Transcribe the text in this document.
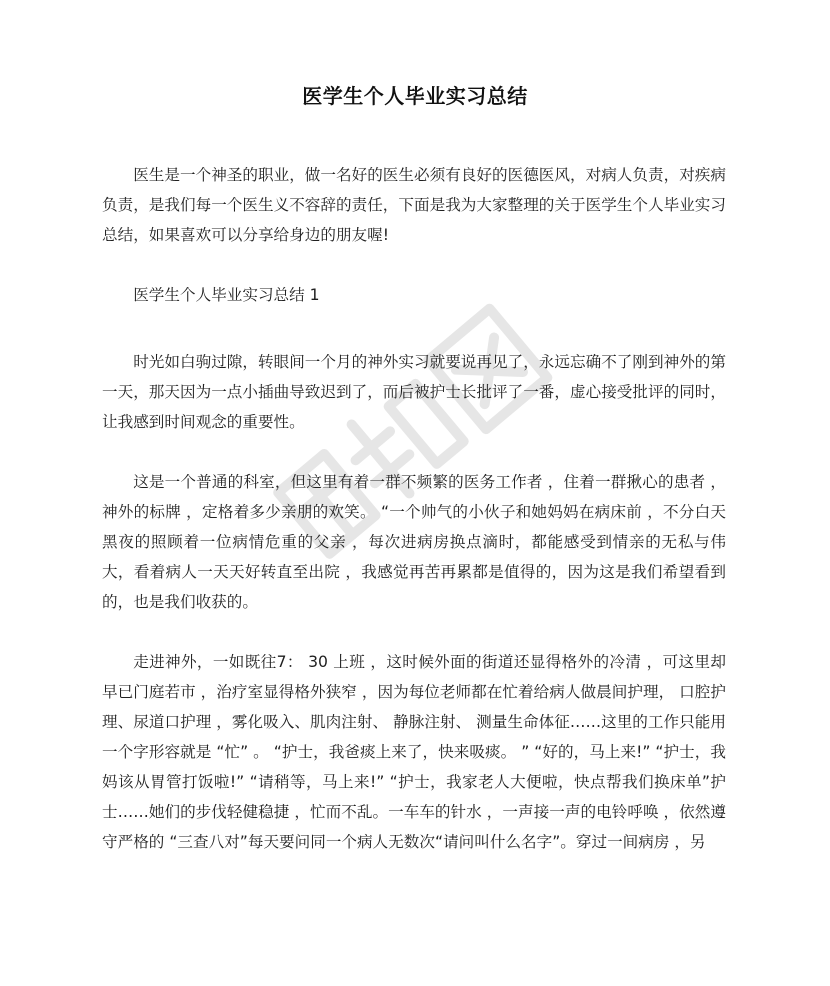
医学生个人毕业实习总结

医生是一个神圣的职业，做一名好的医生必须有良好的医德医风，对病人负责，对疾病负责，是我们每一个医生义不容辞的责任，下面是我为大家整理的关于医学生个人毕业实习总结，如果喜欢可以分享给身边的朋友喔!

医学生个人毕业实习总结 1

时光如白驹过隙，转眼间一个月的神外实习就要说再见了，永远忘确不了刚到神外的第一天，那天因为一点小插曲导致迟到了，而后被护士长批评了一番，虚心接受批评的同时，让我感到时间观念的重要性。

这是一个普通的科室，但这里有着一群不频繁的医务工作者 ，住着一群揪心的患者 ，神外的标牌 ，定格着多少亲朋的欢笑。 “一个帅气的小伙子和她妈妈在病床前 ，不分白天黑夜的照顾着一位病情危重的父亲 ，每次进病房换点滴时，都能感受到情亲的无私与伟大，看着病人一天天好转直至出院 ，我感觉再苦再累都是值得的，因为这是我们希望看到的，也是我们收获的。

走进神外，一如既往7： 30 上班 ，这时候外面的街道还显得格外的冷清 ，可这里却早已门庭若市 ，治疗室显得格外狭窄 ，因为每位老师都在忙着给病人做晨间护理， 口腔护理、尿道口护理 ，雾化吸入、肌肉注射、 静脉注射、 测量生命体征……这里的工作只能用一个字形容就是 “忙” 。 “护士，我爸痰上来了，快来吸痰。 ” “好的，马上来!” “护士，我妈该从胃管打饭啦!” “请稍等，马上来!” “护士，我家老人大便啦，快点帮我们换床单”护士……她们的步伐轻健稳捷 ，忙而不乱。一车车的针水 ，一声接一声的电铃呼唤 ，依然遵守严格的 “三查八对”每天要问同一个病人无数次“请问叫什么名字”。穿过一间病房 ，另
